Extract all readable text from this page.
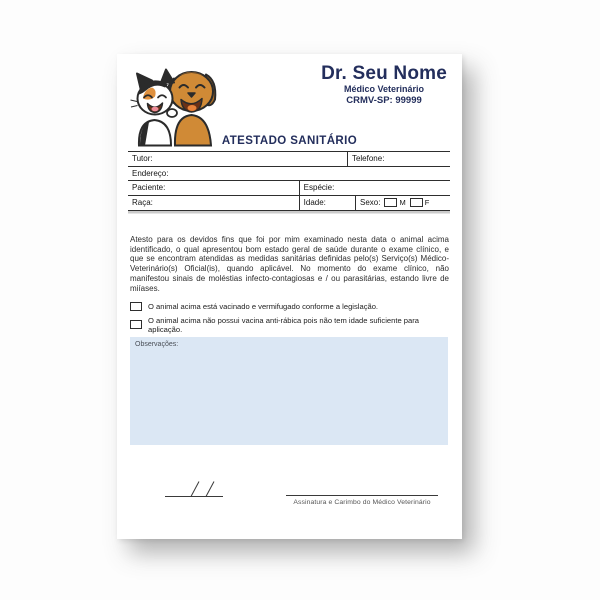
Dr. Seu Nome
Médico Veterinário
CRMV-SP: 99999
ATESTADO SANITÁRIO
Tutor:	Telefone:
Endereço:
Paciente:	Espécie:
Raça:	Idade:	Sexo:	M	F

Atesto para os devidos fins que foi por mim examinado nesta data o animal acima identificado, o qual apresentou bom estado geral de saúde durante o exame clínico, e que se encontram atendidas as medidas sanitárias definidas pelo(s) Serviço(s) Médico-Veterinário(s) Oficial(is), quando aplicável. No momento do exame clínico, não manifestou sinais de moléstias infecto-contagiosas e / ou parasitárias, estando livre de miíases.

O animal acima está vacinado e vermifugado conforme a legislação.
O animal acima não possui vacina anti-rábica pois não tem idade suficiente para aplicação.
Observações:
Assinatura e Carimbo do Médico Veterinário
